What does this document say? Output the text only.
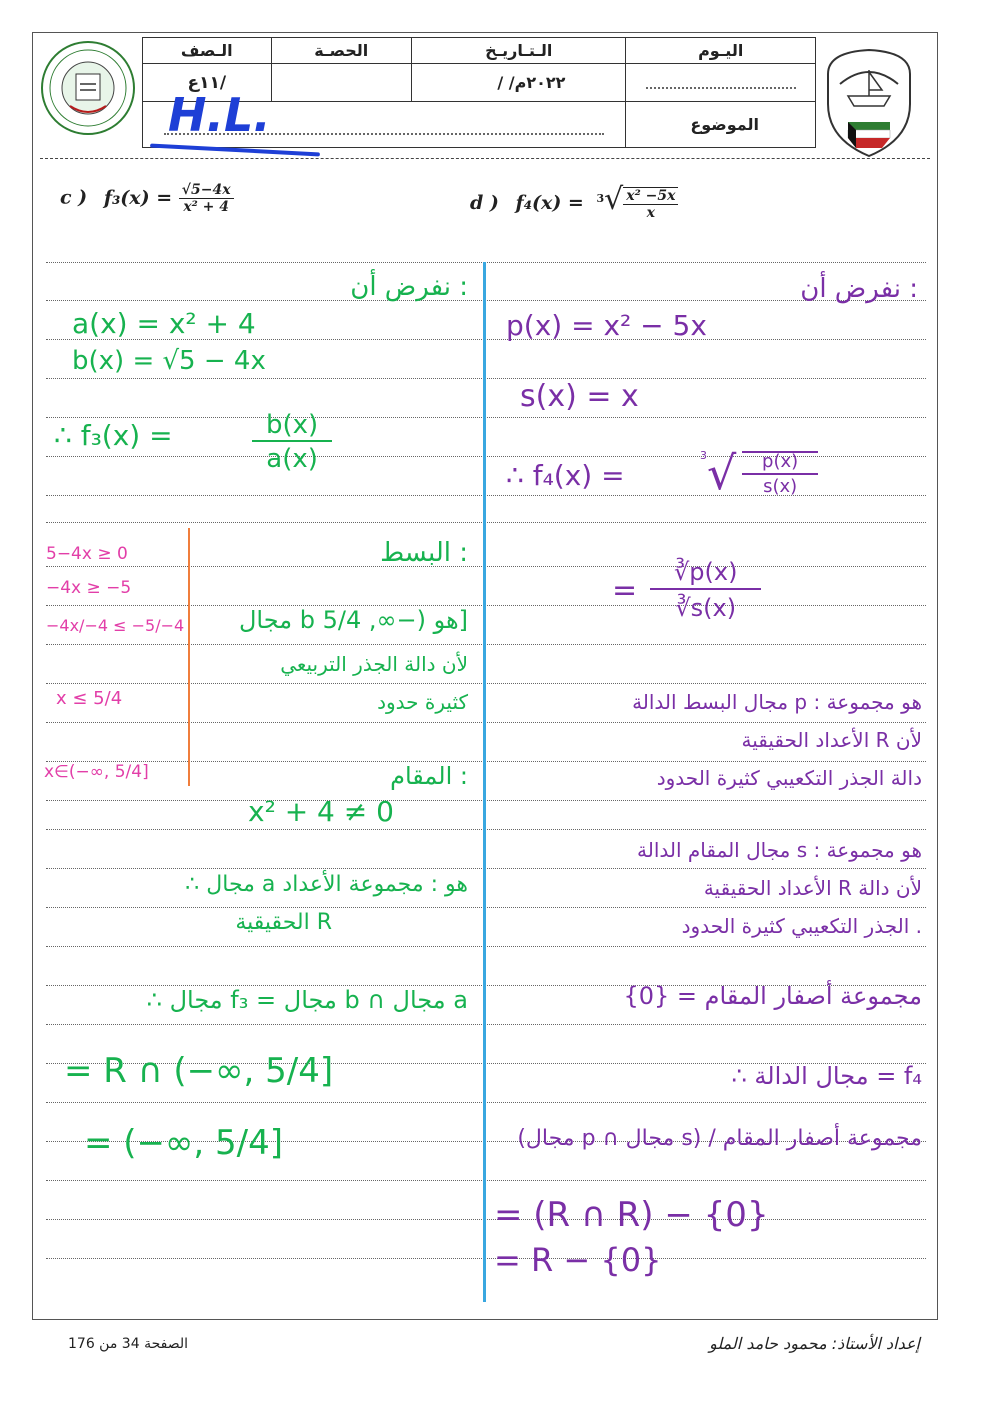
الـصف	الحصـة	الـتـاريـخ	اليـوم
١١ع/		/ /٢٠٢٢م	

			الموضوع
H.L.
c ) $f_3(x) = \frac{√5-4x}{\text{x² + 4}}$	d ) $f_4(x) = ^3√ \frac{\text{x² −5x}}{x}$
نفرض أن :
a(x) = x² + 4
b(x) = √5 − 4x
∴ f₃(x) =	$\frac{b(x)}{a(x)}$
البسط :
مجال b هو (−∞, 5/4]
لأن دالة الجذر التربيعي
كثيرة حدود
المقام :
x² + 4 ≠ 0
∴ مجال a هو : مجموعة الأعداد
الحقيقية R
∴ مجال f₃ = مجال b ∩ مجال a
= R ∩ (−∞, 5/4]
= (−∞, 5/4]
5−4x ≥ 0
−4x ≥ −5
−4x/−4 ≤ −5/−4
x ≤ 5/4
x∈(−∞, 5/4]
نفرض أن :
p(x) = x² − 5x
s(x) = x
∴ f₄(x) =
$^3√ \frac{p(x)}{s(x)}$
= $\frac{∛p(x)}{∛s(x)}$
مجال البسط الدالة p : هو مجموعة
الأعداد الحقيقية R لأن
دالة الجذر التكعيبي كثيرة الحدود
مجال المقام الدالة s : هو مجموعة
الأعداد الحقيقية R لأن دالة
الجذر التكعيبي كثيرة الحدود .
مجموعة أصفار المقام = {0}
∴ مجال الدالة = f₄
(مجال p ∩ مجال s) / مجموعة أصفار المقام
= (R ∩ R) − {0}
= R − {0}
الصفحة 34 من 176	إعداد الأستاذ: محمود حامد الملو
